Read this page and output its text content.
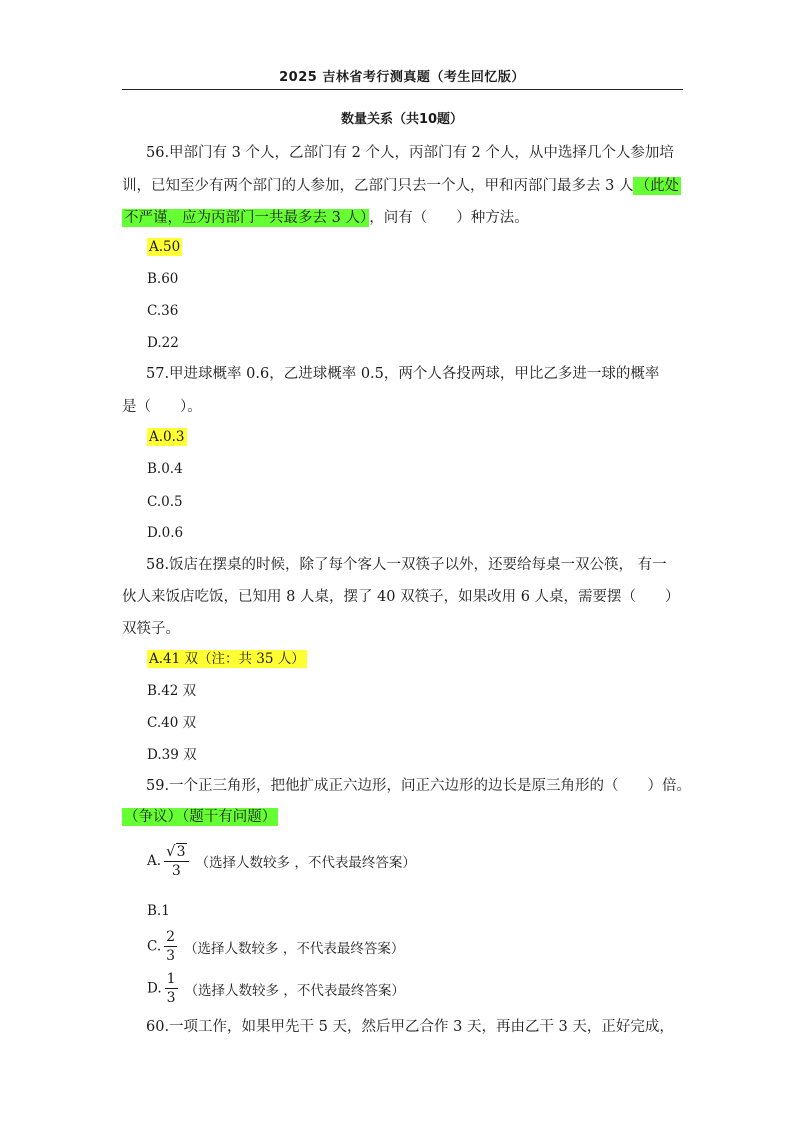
2025 吉林省考行测真题（考生回忆版）
数量关系（共10题）
56.甲部门有 3 个人，乙部门有 2 个人，丙部门有 2 个人，从中选择几个人参加培
训，已知至少有两个部门的人参加，乙部门只去一个人，甲和丙部门最多去 3 人 （此处
不严谨，应为丙部门一共最多去 3 人） ，问有（　　）种方法。
A.50
B.60
C.36
D.22
57.甲进球概率 0.6，乙进球概率 0.5，两个人各投两球，甲比乙多进一球的概率
是（　　）。
A.0.3
B.0.4
C.0.5
D.0.6
58.饭店在摆桌的时候，除了每个客人一双筷子以外，还要给每桌一双公筷， 有一
伙人来饭店吃饭，已知用 8 人桌，摆了 40 双筷子，如果改用 6 人桌，需要摆（　　）
双筷子。
A.41 双（注：共 35 人）
B.42 双
C.40 双
D.39 双
59.一个正三角形，把他扩成正六边形，问正六边形的边长是原三角形的（　　）倍。
（争议）（题干有问题）
A. $\frac{√3}{3}$ （选择人数较多 ，不代表最终答案）
B.1
C. $\frac{2}{3}$ （选择人数较多 ，不代表最终答案）
D. $\frac{1}{3}$ （选择人数较多 ，不代表最终答案）
60.一项工作，如果甲先干 5 天，然后甲乙合作 3 天，再由乙干 3 天，正好完成，
